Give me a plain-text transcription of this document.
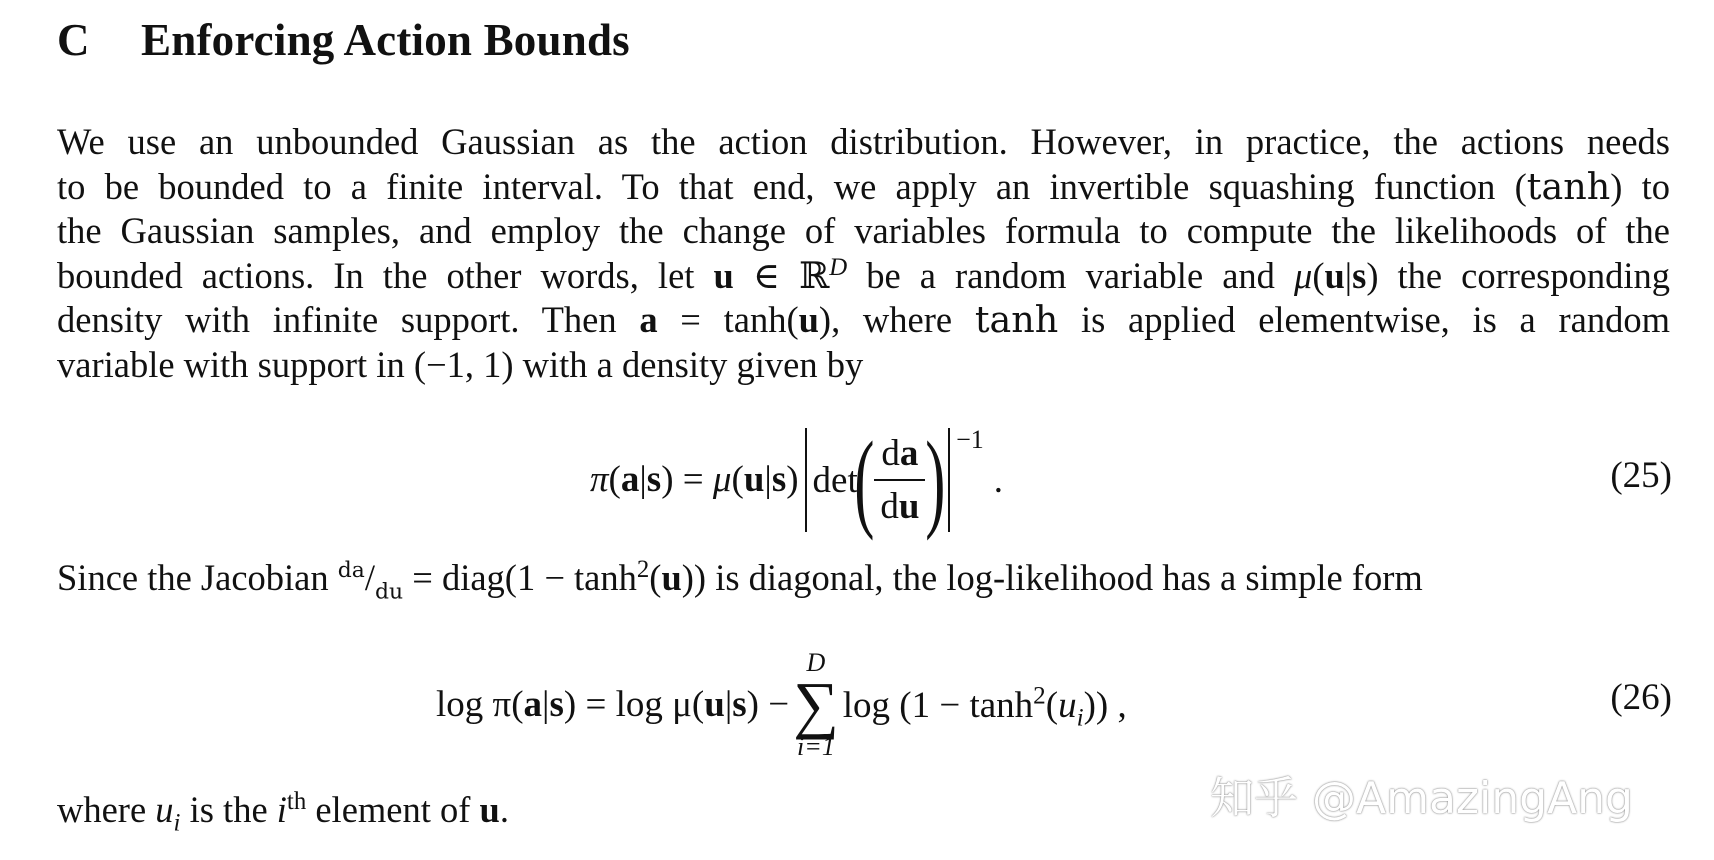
C Enforcing Action Bounds
We use an unbounded Gaussian as the action distribution. However, in practice, the actions needs
to be bounded to a finite interval. To that end, we apply an invertible squashing function (tanh) to
the Gaussian samples, and employ the change of variables formula to compute the likelihoods of the
bounded actions. In the other words, let u ∈ ℝ$^D$ be a random variable and μ(u|s) the corresponding
density with infinite support. Then a = tanh(u), where tanh is applied elementwise, is a random
variable with support in (−1, 1) with a density given by
π(a|s) = μ(u|s) $\det( \frac{da}{du}$ ) −1.	(25)
Since the Jacobian $^{da}/_{du}$ = diag(1 − $\tanh^2(u)$) is diagonal, the log-likelihood has a simple form
log π(a|s) = log μ(u|s) −
D
∑
i=1
$\log (1 - \tanh^2(u_i))$ ,	(26)
where $u_i$ is the $i^{th}$ element of u.	知乎 @AmazingAng
